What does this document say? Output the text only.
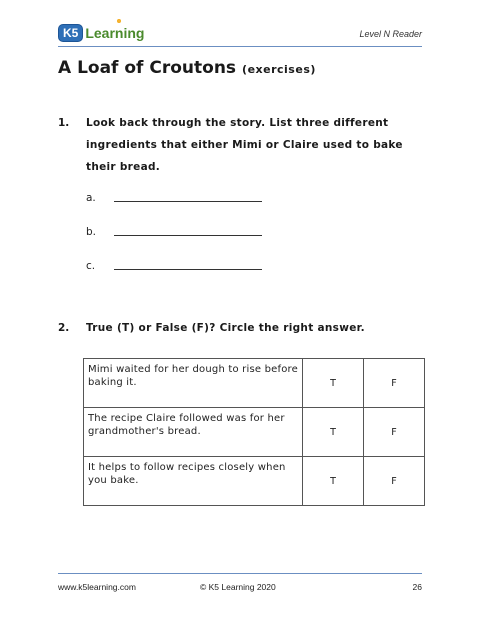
K5 Learning	Level N Reader
A Loaf of Croutons (exercises)
1. Look back through the story. List three different ingredients that either Mimi or Claire used to bake their bread.
a.
b.
c.
2. True (T) or False (F)? Circle the right answer.
Mimi waited for her dough to rise before baking it.	T	F
The recipe Claire followed was for her grandmother's bread.	T	F
It helps to follow recipes closely when you bake.	T	F
www.k5learning.com	© K5 Learning 2020	26
